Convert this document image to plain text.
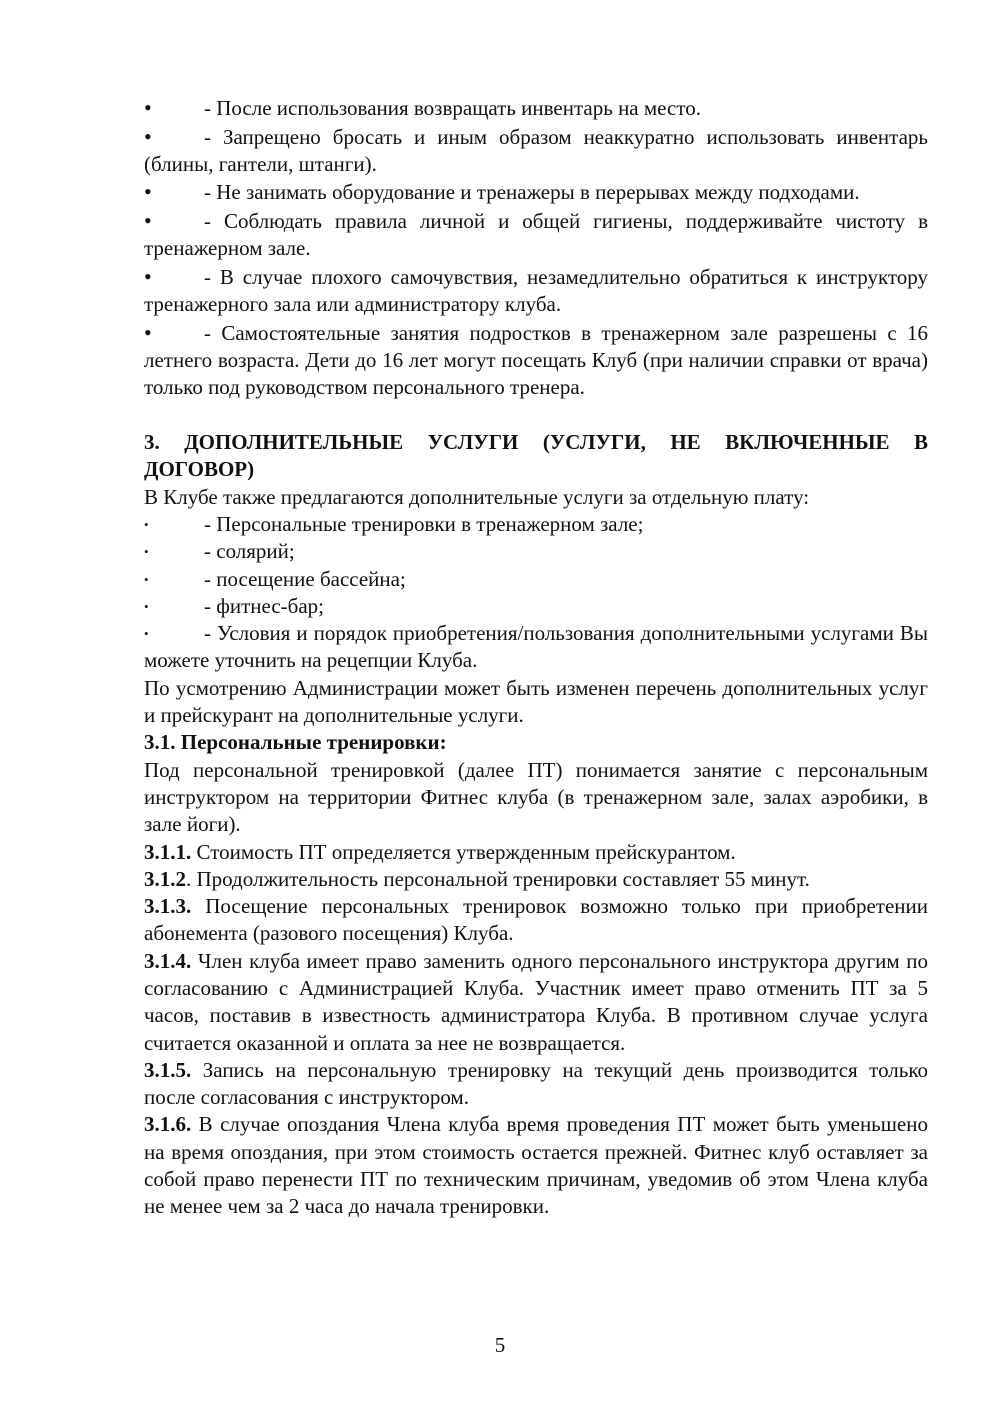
• - После использования возвращать инвентарь на место.

• - Запрещено бросать и иным образом неаккуратно использовать инвентарь (блины, гантели, штанги).

• - Не занимать оборудование и тренажеры в перерывах между подходами.

• - Соблюдать правила личной и общей гигиены, поддерживайте чистоту в тренажерном зале.

• - В случае плохого самочувствия, незамедлительно обратиться к инструктору тренажерного зала или администратору клуба.

• - Самостоятельные занятия подростков в тренажерном зале разрешены с 16 летнего возраста. Дети до 16 лет могут посещать Клуб (при наличии справки от врача) только под руководством персонального тренера.

3. ДОПОЛНИТЕЛЬНЫЕ УСЛУГИ (УСЛУГИ, НЕ ВКЛЮЧЕННЫЕ В ДОГОВОР)

В Клубе также предлагаются дополнительные услуги за отдельную плату:

•	- Персональные тренировки в тренажерном зале;

•	- солярий;

•	- посещение бассейна;

•	- фитнес-бар;

•	- Условия и порядок приобретения/пользования дополнительными услугами Вы можете уточнить на рецепции Клуба.

По усмотрению Администрации может быть изменен перечень дополнительных услуг и прейскурант на дополнительные услуги.

3.1. Персональные тренировки:

Под персональной тренировкой (далее ПТ) понимается занятие с персональным инструктором на территории Фитнес клуба (в тренажерном зале, залах аэробики, в зале йоги).

3.1.1. Стоимость ПТ определяется утвержденным прейскурантом.

3.1.2. Продолжительность персональной тренировки составляет 55 минут.

3.1.3. Посещение персональных тренировок возможно только при приобретении абонемента (разового посещения) Клуба.

3.1.4. Член клуба имеет право заменить одного персонального инструктора другим по согласованию с Администрацией Клуба. Участник имеет право отменить ПТ за 5 часов, поставив в известность администратора Клуба. В противном случае услуга считается оказанной и оплата за нее не возвращается.

3.1.5. Запись на персональную тренировку на текущий день производится только после согласования с инструктором.

3.1.6. В случае опоздания Члена клуба время проведения ПТ может быть уменьшено на время опоздания, при этом стоимость остается прежней. Фитнес клуб оставляет за собой право перенести ПТ по техническим причинам, уведомив об этом Члена клуба не менее чем за 2 часа до начала тренировки.

5
